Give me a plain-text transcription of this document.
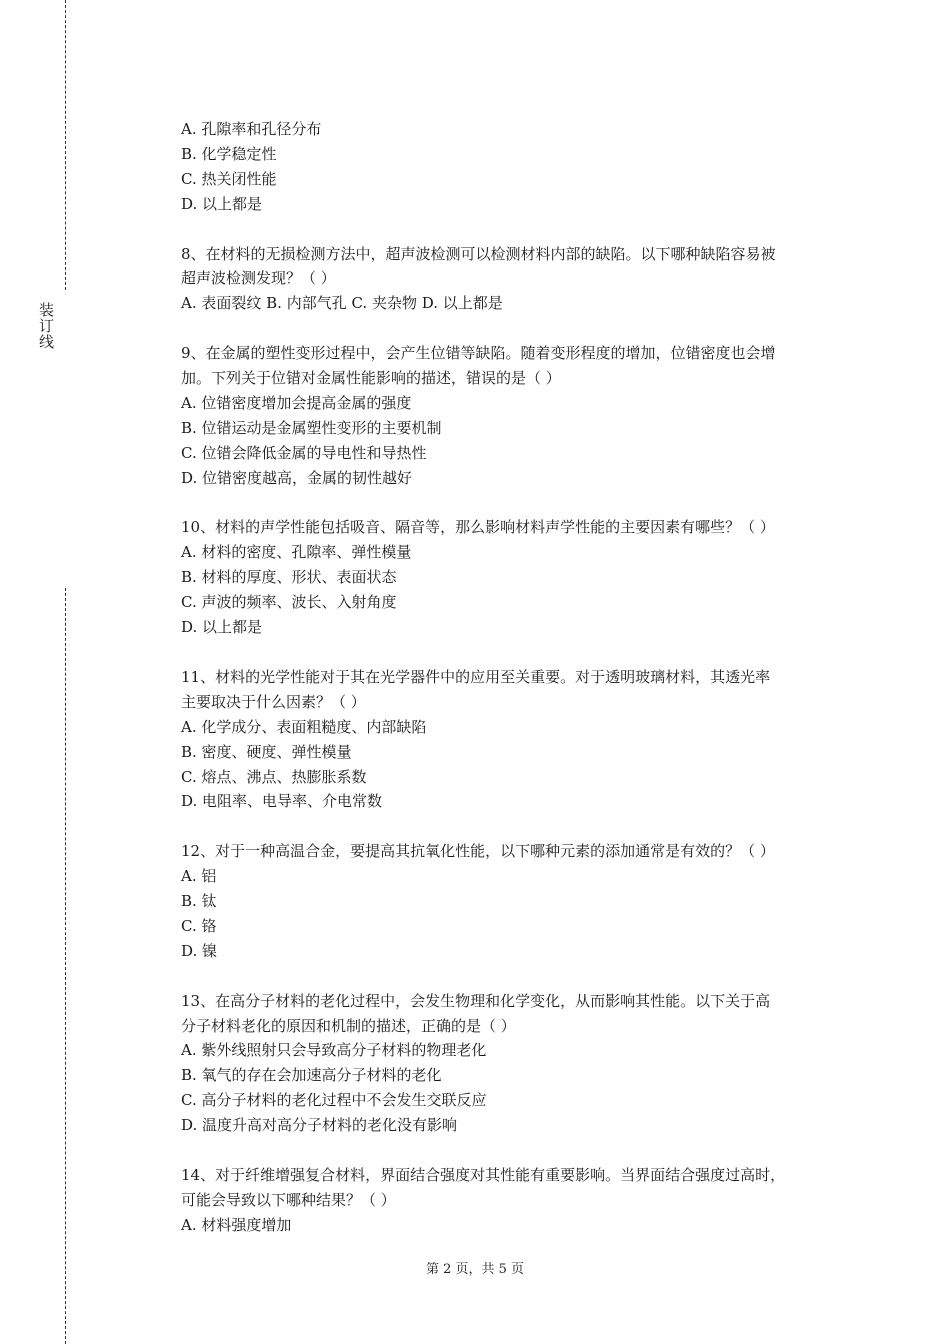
装订线
A. 孔隙率和孔径分布
B. 化学稳定性
C. 热关闭性能
D. 以上都是
8、在材料的无损检测方法中，超声波检测可以检测材料内部的缺陷。以下哪种缺陷容易被
超声波检测发现？（ ）
A. 表面裂纹 B. 内部气孔 C. 夹杂物 D. 以上都是
9、在金属的塑性变形过程中，会产生位错等缺陷。随着变形程度的增加，位错密度也会增
加。下列关于位错对金属性能影响的描述，错误的是（ ）
A. 位错密度增加会提高金属的强度
B. 位错运动是金属塑性变形的主要机制
C. 位错会降低金属的导电性和导热性
D. 位错密度越高，金属的韧性越好
10、材料的声学性能包括吸音、隔音等，那么影响材料声学性能的主要因素有哪些？（ ）
A. 材料的密度、孔隙率、弹性模量
B. 材料的厚度、形状、表面状态
C. 声波的频率、波长、入射角度
D. 以上都是
11、材料的光学性能对于其在光学器件中的应用至关重要。对于透明玻璃材料，其透光率
主要取决于什么因素？（ ）
A. 化学成分、表面粗糙度、内部缺陷
B. 密度、硬度、弹性模量
C. 熔点、沸点、热膨胀系数
D. 电阻率、电导率、介电常数
12、对于一种高温合金，要提高其抗氧化性能，以下哪种元素的添加通常是有效的？（ ）
A. 铝
B. 钛
C. 铬
D. 镍
13、在高分子材料的老化过程中，会发生物理和化学变化，从而影响其性能。以下关于高
分子材料老化的原因和机制的描述，正确的是（ ）
A. 紫外线照射只会导致高分子材料的物理老化
B. 氧气的存在会加速高分子材料的老化
C. 高分子材料的老化过程中不会发生交联反应
D. 温度升高对高分子材料的老化没有影响
14、对于纤维增强复合材料，界面结合强度对其性能有重要影响。当界面结合强度过高时，
可能会导致以下哪种结果？（ ）
A. 材料强度增加
第 2 页，共 5 页
